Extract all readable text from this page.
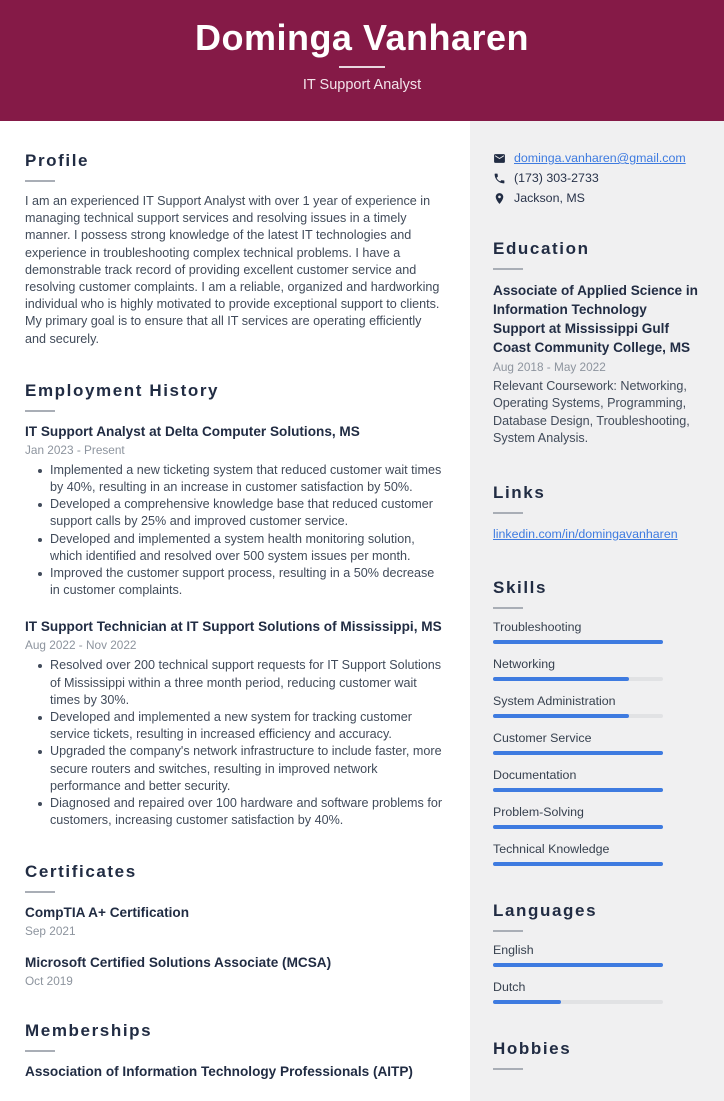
Dominga Vanharen
IT Support Analyst
Profile

I am an experienced IT Support Analyst with over 1 year of experience in managing technical support services and resolving issues in a timely manner. I possess strong knowledge of the latest IT technologies and experience in troubleshooting complex technical problems. I have a demonstrable track record of providing excellent customer service and resolving customer complaints. I am a reliable, organized and hardworking individual who is highly motivated to provide exceptional support to clients. My primary goal is to ensure that all IT services are operating efficiently and securely.

Employment History
IT Support Analyst at Delta Computer Solutions, MS
Jan 2023 - Present
Implemented a new ticketing system that reduced customer wait times by 40%, resulting in an increase in customer satisfaction by 50%.
Developed a comprehensive knowledge base that reduced customer support calls by 25% and improved customer service.
Developed and implemented a system health monitoring solution, which identified and resolved over 500 system issues per month.
Improved the customer support process, resulting in a 50% decrease in customer complaints.
IT Support Technician at IT Support Solutions of Mississippi, MS
Aug 2022 - Nov 2022
Resolved over 200 technical support requests for IT Support Solutions of Mississippi within a three month period, reducing customer wait times by 30%.
Developed and implemented a new system for tracking customer service tickets, resulting in increased efficiency and accuracy.
Upgraded the company's network infrastructure to include faster, more secure routers and switches, resulting in improved network performance and better security.
Diagnosed and repaired over 100 hardware and software problems for customers, increasing customer satisfaction by 40%.
Certificates
CompTIA A+ Certification
Sep 2021
Microsoft Certified Solutions Associate (MCSA)
Oct 2019
Memberships
Association of Information Technology Professionals (AITP)
dominga.vanharen@gmail.com
(173) 303-2733
Jackson, MS
Education
Associate of Applied Science in Information Technology Support at Mississippi Gulf Coast Community College, MS
Aug 2018 - May 2022
Relevant Coursework: Networking, Operating Systems, Programming, Database Design, Troubleshooting, System Analysis.
Links
linkedin.com/in/domingavanharen
Skills
Troubleshooting
Networking
System Administration
Customer Service
Documentation
Problem-Solving
Technical Knowledge
Languages
English
Dutch
Hobbies
